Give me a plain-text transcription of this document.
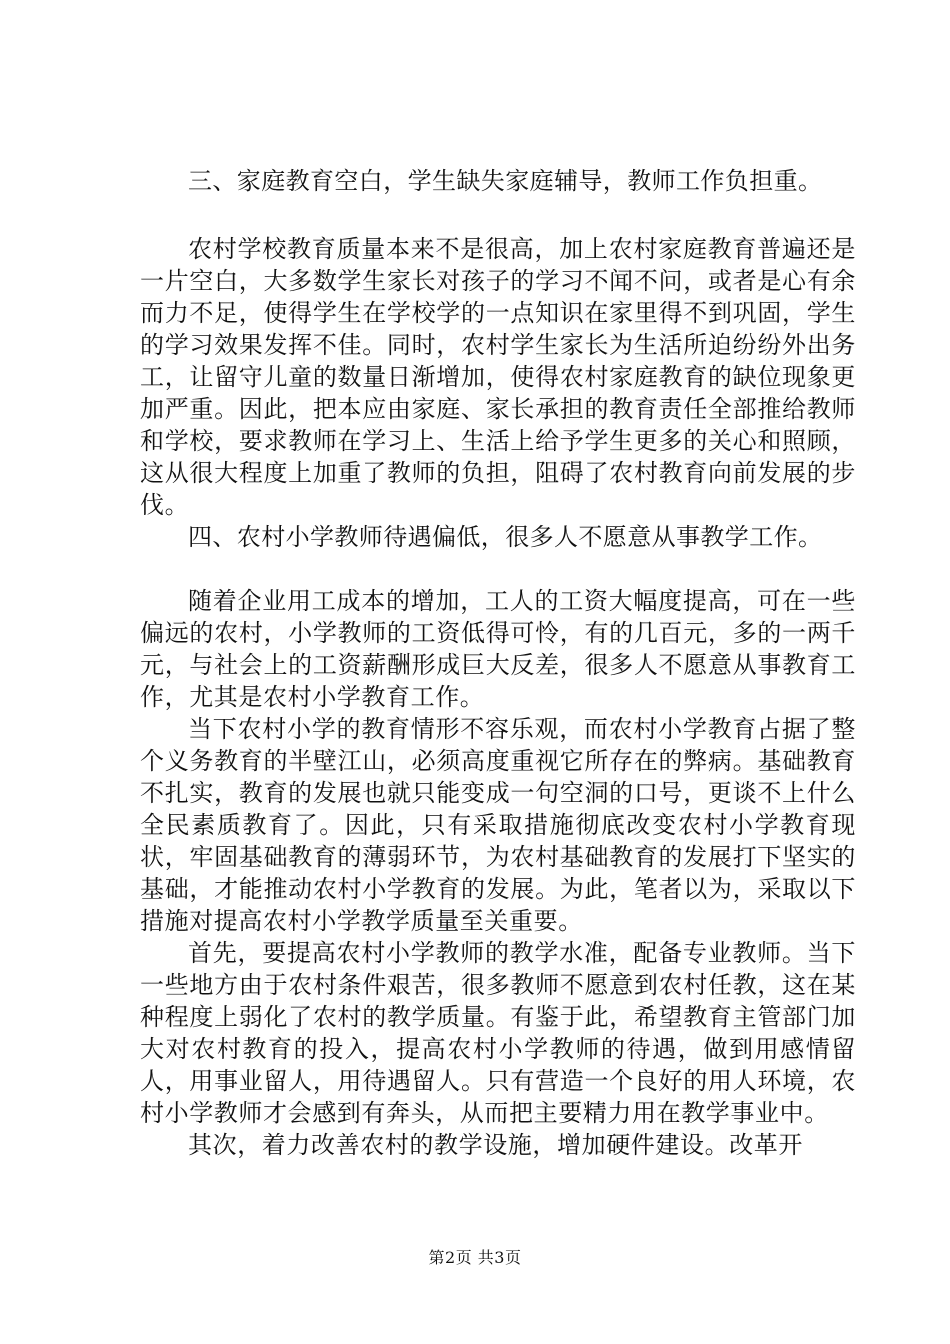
三、家庭教育空白，学生缺失家庭辅导，教师工作负担重。

农村学校教育质量本来不是很高，加上农村家庭教育普遍还是一片空白，大多数学生家长对孩子的学习不闻不问，或者是心有余而力不足，使得学生在学校学的一点知识在家里得不到巩固，学生的学习效果发挥不佳。同时，农村学生家长为生活所迫纷纷外出务工，让留守儿童的数量日渐增加，使得农村家庭教育的缺位现象更加严重。因此，把本应由家庭、家长承担的教育责任全部推给教师和学校，要求教师在学习上、生活上给予学生更多的关心和照顾，这从很大程度上加重了教师的负担，阻碍了农村教育向前发展的步伐。

四、农村小学教师待遇偏低，很多人不愿意从事教学工作。

随着企业用工成本的增加，工人的工资大幅度提高，可在一些偏远的农村，小学教师的工资低得可怜，有的几百元，多的一两千元，与社会上的工资薪酬形成巨大反差，很多人不愿意从事教育工作，尤其是农村小学教育工作。

当下农村小学的教育情形不容乐观，而农村小学教育占据了整个义务教育的半壁江山，必须高度重视它所存在的弊病。基础教育不扎实，教育的发展也就只能变成一句空洞的口号，更谈不上什么全民素质教育了。因此，只有采取措施彻底改变农村小学教育现状，牢固基础教育的薄弱环节，为农村基础教育的发展打下坚实的基础，才能推动农村小学教育的发展。为此，笔者以为，采取以下措施对提高农村小学教学质量至关重要。

首先，要提高农村小学教师的教学水准，配备专业教师。当下一些地方由于农村条件艰苦，很多教师不愿意到农村任教，这在某种程度上弱化了农村的教学质量。有鉴于此，希望教育主管部门加大对农村教育的投入，提高农村小学教师的待遇，做到用感情留人，用事业留人，用待遇留人。只有营造一个良好的用人环境，农村小学教师才会感到有奔头，从而把主要精力用在教学事业中。

其次，着力改善农村的教学设施，增加硬件建设。改革开

第2页 共3页
